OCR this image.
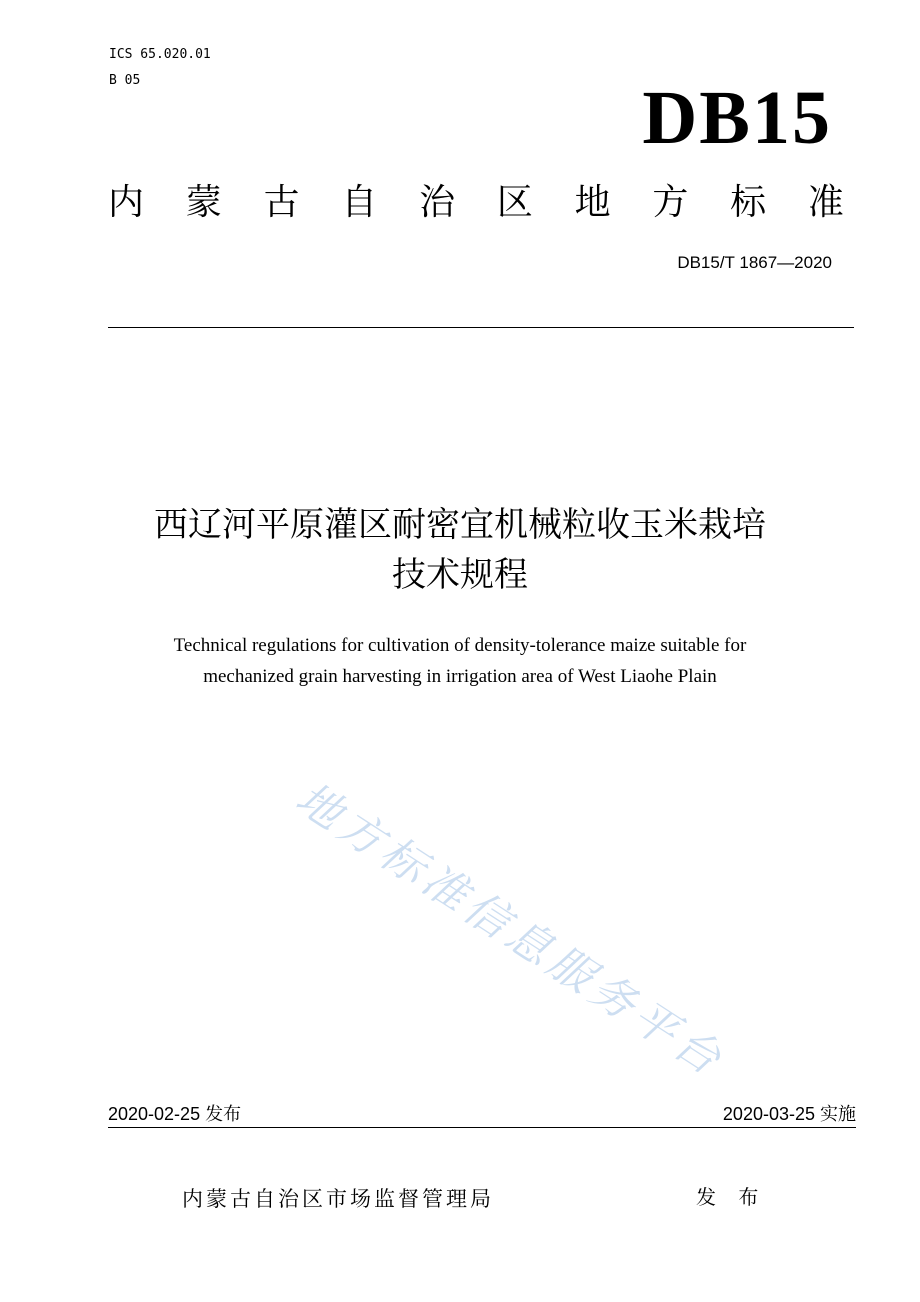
ICS 65.020.01
B 05	DB15
内 蒙 古 自 治 区 地 方 标 准
DB15/T 1867—2020
西辽河平原灌区耐密宜机械粒收玉米栽培
技术规程
Technical regulations for cultivation of density-tolerance maize suitable for
mechanized grain harvesting in irrigation area of West Liaohe Plain
地方标准信息服务平台
2020-02-25 发布	2020-03-25 实施
内蒙古自治区市场监督管理局	发 布
